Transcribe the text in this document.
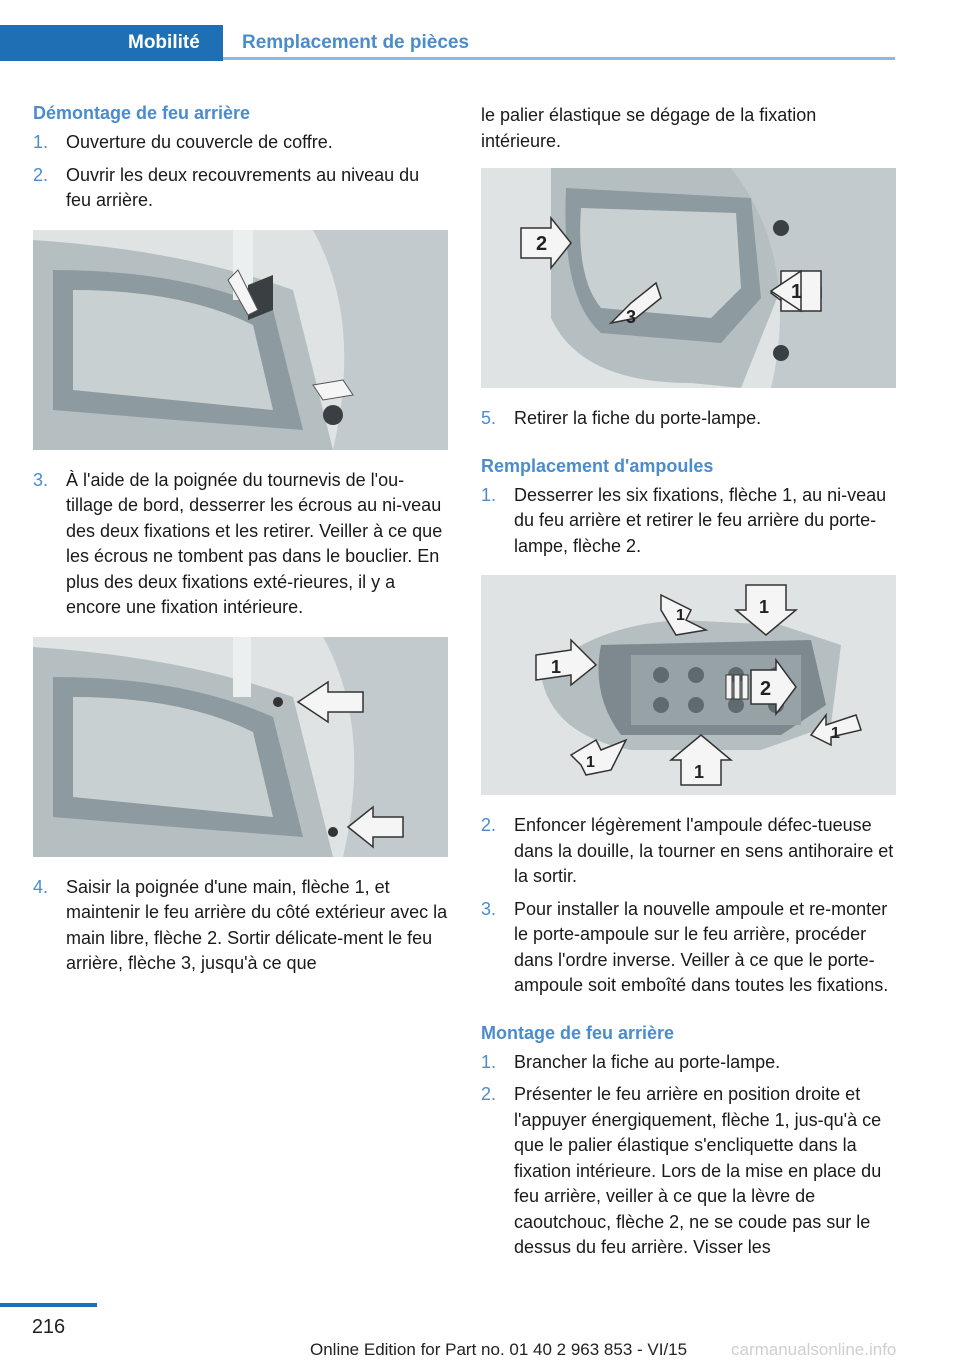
Mobilité Remplacement de pièces
Démontage de feu arrière
1. Ouverture du couvercle de coffre.
2. Ouvrir les deux recouvrements au niveau du feu arrière.
3. À l'aide de la poignée du tournevis de l'ou‐tillage de bord, desserrer les écrous au ni‐veau des deux fixations et les retirer. Veiller à ce que les écrous ne tombent pas dans le bouclier. En plus des deux fixations exté‐rieures, il y a encore une fixation intérieure.
4. Saisir la poignée d'une main, flèche 1, et maintenir le feu arrière du côté extérieur avec la main libre, flèche 2. Sortir délicate‐ment le feu arrière, flèche 3, jusqu'à ce que
le palier élastique se dégage de la fixation intérieure.
2
1
3
5. Retirer la fiche du porte-lampe.
Remplacement d'ampoules
1. Desserrer les six fixations, flèche 1, au ni‐veau du feu arrière et retirer le feu arrière du porte-lampe, flèche 2.
2
1
1
1
1
1	1
2. Enfoncer légèrement l'ampoule défec‐tueuse dans la douille, la tourner en sens antihoraire et la sortir.
3. Pour installer la nouvelle ampoule et re‐monter le porte-ampoule sur le feu arrière, procéder dans l'ordre inverse. Veiller à ce que le porte-ampoule soit emboîté dans toutes les fixations.
Montage de feu arrière
1. Brancher la fiche au porte-lampe.
2. Présenter le feu arrière en position droite et l'appuyer énergiquement, flèche 1, jus‐qu'à ce que le palier élastique s'encliquette dans la fixation intérieure. Lors de la mise en place du feu arrière, veiller à ce que la lèvre de caoutchouc, flèche 2, ne se coude pas sur le dessus du feu arrière. Visser les
216
Online Edition for Part no. 01 40 2 963 853 - VI/15	carmanualsonline.info
